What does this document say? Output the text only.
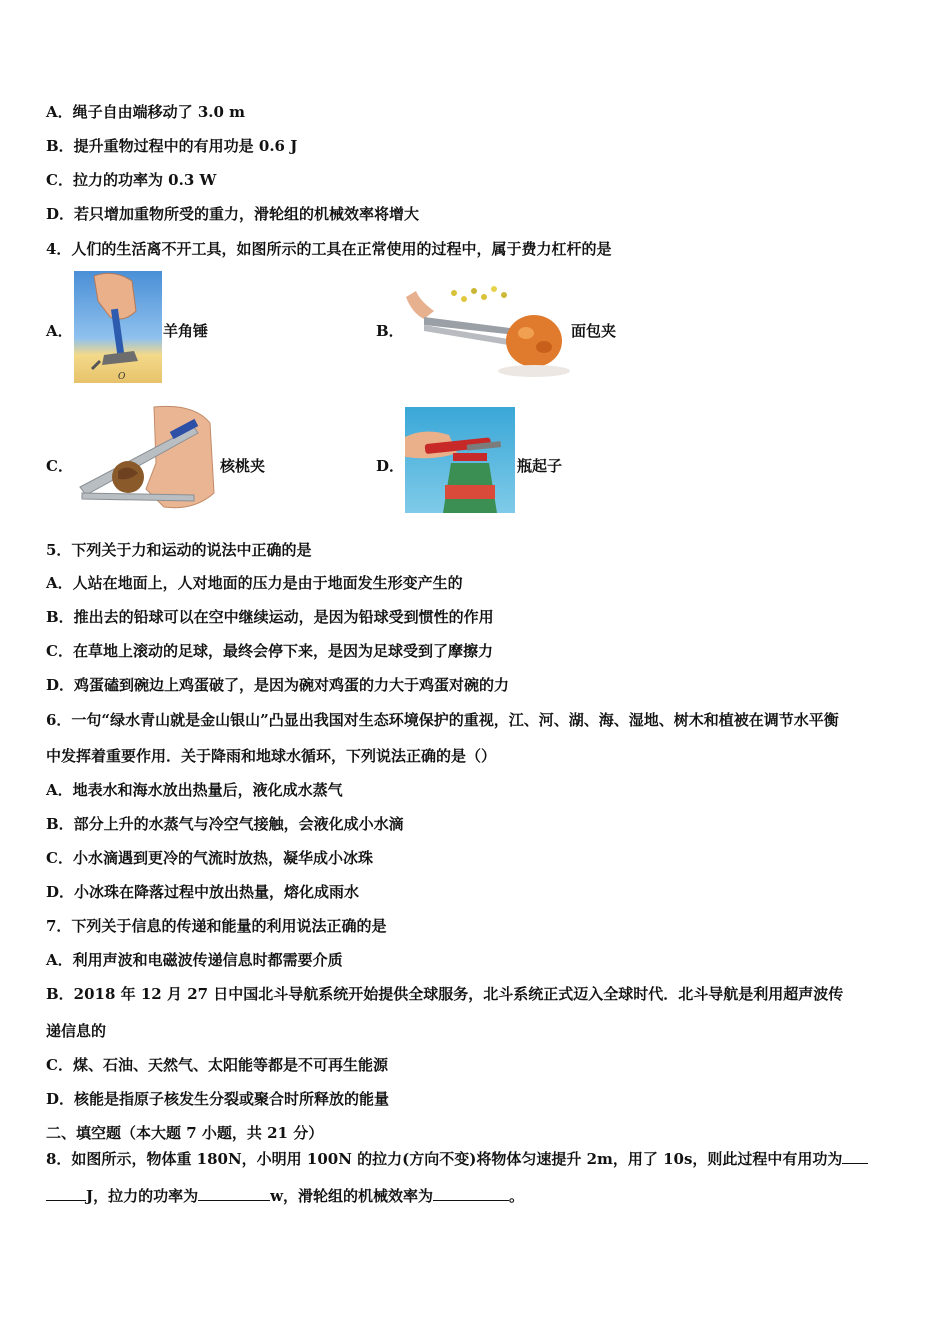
A．绳子自由端移动了 3.0 m
B．提升重物过程中的有用功是 0.6 J
C．拉力的功率为 0.3 W
D．若只增加重物所受的重力，滑轮组的机械效率将增大
4．人们的生活离不开工具，如图所示的工具在正常使用的过程中，属于费力杠杆的是
A．
O
羊角锤	B．	面包夹
C．	核桃夹	D．	瓶起子
5．下列关于力和运动的说法中正确的是
A．人站在地面上，人对地面的压力是由于地面发生形变产生的
B．推出去的铅球可以在空中继续运动，是因为铅球受到惯性的作用
C．在草地上滚动的足球，最终会停下来，是因为足球受到了摩擦力
D．鸡蛋磕到碗边上鸡蛋破了，是因为碗对鸡蛋的力大于鸡蛋对碗的力
6．一句“绿水青山就是金山银山”凸显出我国对生态环境保护的重视，江、河、湖、海、湿地、树木和植被在调节水平衡
中发挥着重要作用．关于降雨和地球水循环，下列说法正确的是（）
A．地表水和海水放出热量后，液化成水蒸气
B．部分上升的水蒸气与冷空气接触，会液化成小水滴
C．小水滴遇到更冷的气流时放热，凝华成小冰珠
D．小冰珠在降落过程中放出热量，熔化成雨水
7．下列关于信息的传递和能量的利用说法正确的是
A．利用声波和电磁波传递信息时都需要介质
B．2018 年 12 月 27 日中国北斗导航系统开始提供全球服务，北斗系统正式迈入全球时代．北斗导航是利用超声波传
递信息的
C．煤、石油、天然气、太阳能等都是不可再生能源
D．核能是指原子核发生分裂或聚合时所释放的能量
二、填空题（本大题 7 小题，共 21 分）
8．如图所示，物体重 180N，小明用 100N 的拉力(方向不变)将物体匀速提升 2m，用了 10s，则此过程中有用功为
J，拉力的功率为	w，滑轮组的机械效率为	。
